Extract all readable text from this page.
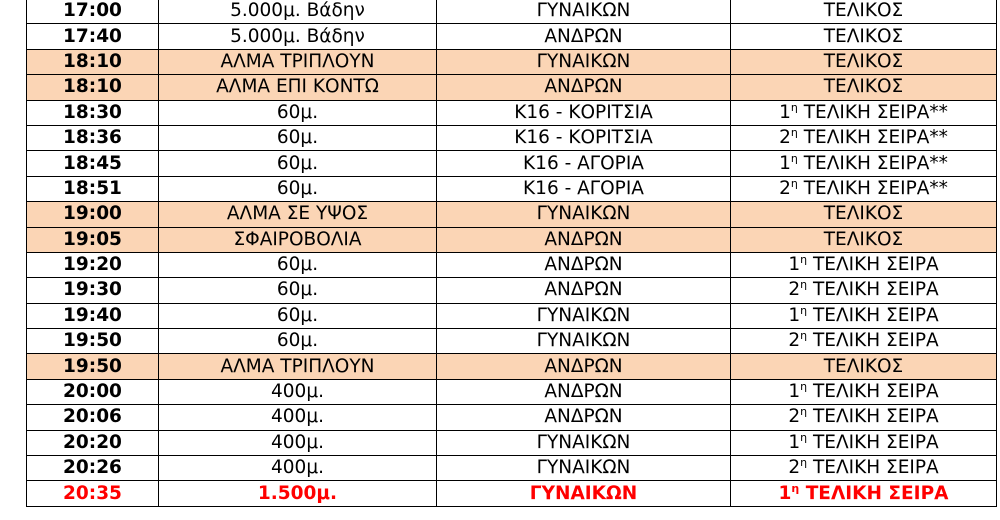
17:00	5.000μ. Βάδην	ΓΥΝΑΙΚΩΝ	ΤΕΛΙΚΟΣ
17:40	5.000μ. Βάδην	ΑΝΔΡΩΝ	ΤΕΛΙΚΟΣ
18:10	ΑΛΜΑ ΤΡΙΠΛΟΥΝ	ΓΥΝΑΙΚΩΝ	ΤΕΛΙΚΟΣ
18:10	ΑΛΜΑ ΕΠΙ ΚΟΝΤΩ	ΑΝΔΡΩΝ	ΤΕΛΙΚΟΣ
18:30	60μ.	Κ16 - ΚΟΡΙΤΣΙΑ	$1^\eta$ ΤΕΛΙΚΗ ΣΕΙΡΑ**
18:36	60μ.	Κ16 - ΚΟΡΙΤΣΙΑ	$2^\eta$ ΤΕΛΙΚΗ ΣΕΙΡΑ**
18:45	60μ.	Κ16 - ΑΓΟΡΙΑ	$1^\eta$ ΤΕΛΙΚΗ ΣΕΙΡΑ**
18:51	60μ.	Κ16 - ΑΓΟΡΙΑ	$2^\eta$ ΤΕΛΙΚΗ ΣΕΙΡΑ**
19:00	ΑΛΜΑ ΣΕ ΥΨΟΣ	ΓΥΝΑΙΚΩΝ	ΤΕΛΙΚΟΣ
19:05	ΣΦΑΙΡΟΒΟΛΙΑ	ΑΝΔΡΩΝ	ΤΕΛΙΚΟΣ
19:20	60μ.	ΑΝΔΡΩΝ	$1^\eta$ ΤΕΛΙΚΗ ΣΕΙΡΑ
19:30	60μ.	ΑΝΔΡΩΝ	$2^\eta$ ΤΕΛΙΚΗ ΣΕΙΡΑ
19:40	60μ.	ΓΥΝΑΙΚΩΝ	$1^\eta$ ΤΕΛΙΚΗ ΣΕΙΡΑ
19:50	60μ.	ΓΥΝΑΙΚΩΝ	$2^\eta$ ΤΕΛΙΚΗ ΣΕΙΡΑ
19:50	ΑΛΜΑ ΤΡΙΠΛΟΥΝ	ΑΝΔΡΩΝ	ΤΕΛΙΚΟΣ
20:00	400μ.	ΑΝΔΡΩΝ	$1^\eta$ ΤΕΛΙΚΗ ΣΕΙΡΑ
20:06	400μ.	ΑΝΔΡΩΝ	$2^\eta$ ΤΕΛΙΚΗ ΣΕΙΡΑ
20:20	400μ.	ΓΥΝΑΙΚΩΝ	$1^\eta$ ΤΕΛΙΚΗ ΣΕΙΡΑ
20:26	400μ.	ΓΥΝΑΙΚΩΝ	$2^\eta$ ΤΕΛΙΚΗ ΣΕΙΡΑ
20:35	1.500μ.	ΓΥΝΑΙΚΩΝ	$1^\eta$ ΤΕΛΙΚΗ ΣΕΙΡΑ
